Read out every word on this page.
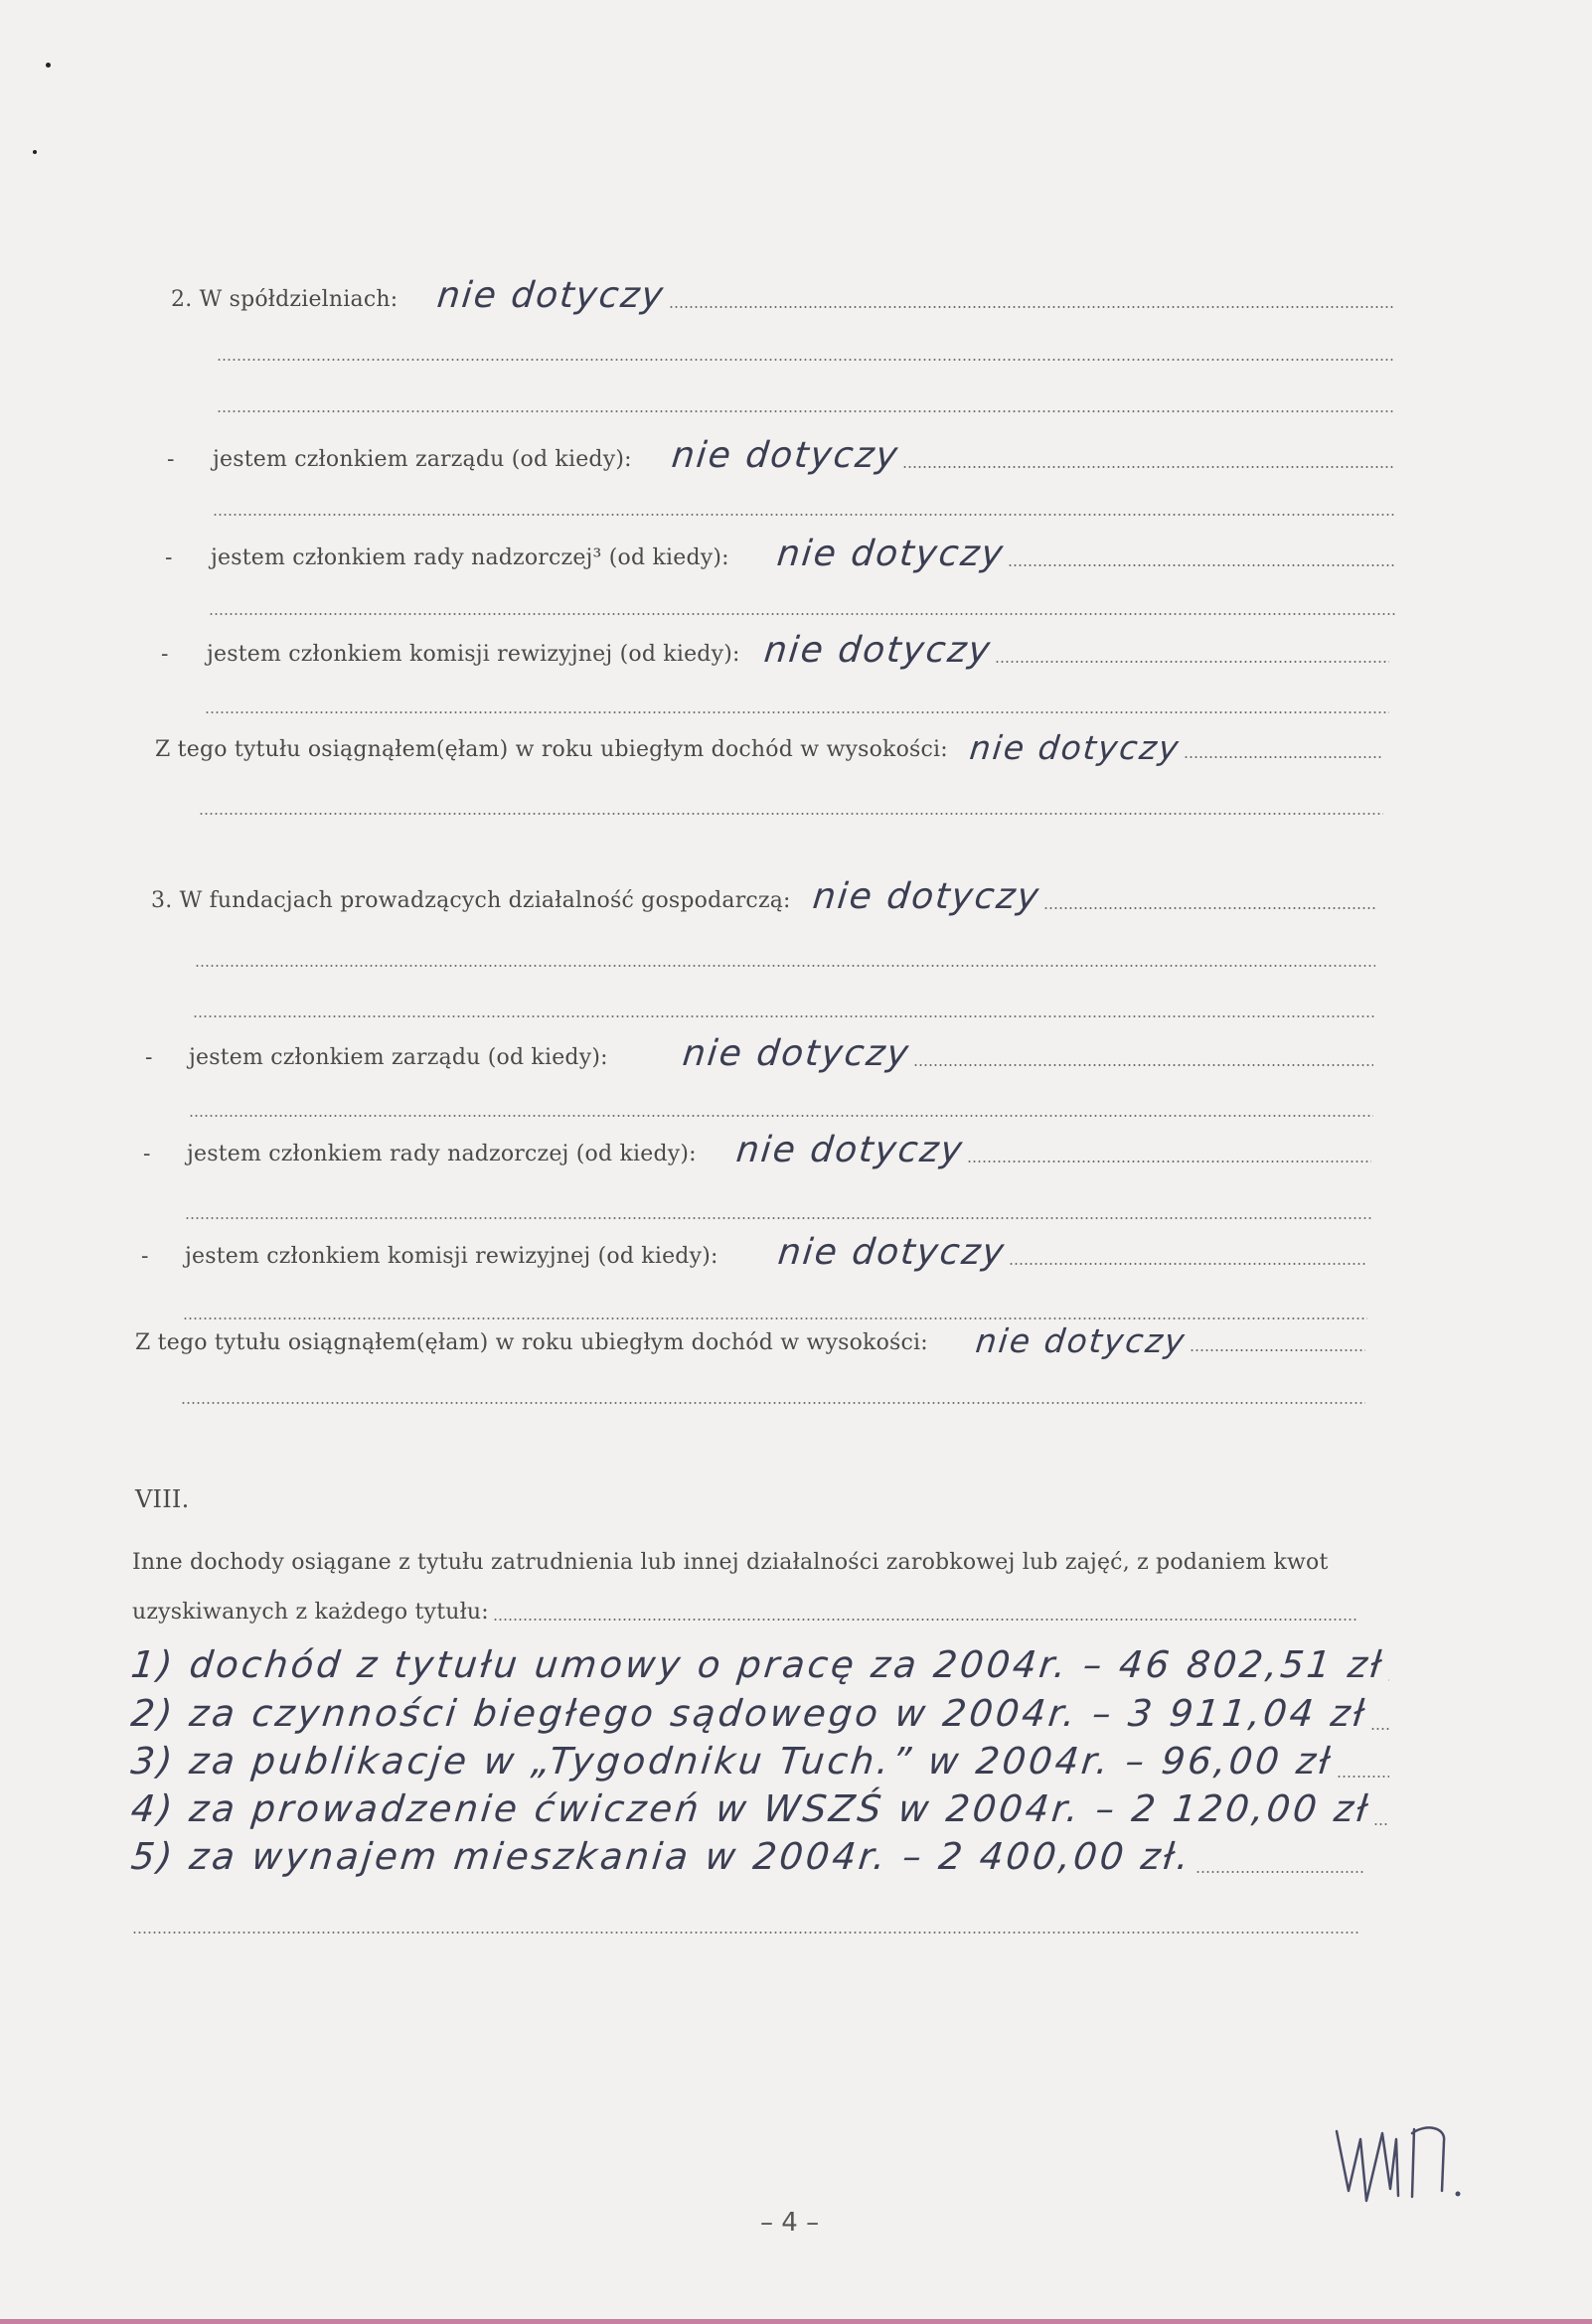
2. W spółdzielniach: nie dotyczy
-	jestem członkiem zarządu (od kiedy): nie dotyczy
-	jestem członkiem rady nadzorczej³ (od kiedy): nie dotyczy
-	jestem członkiem komisji rewizyjnej (od kiedy): nie dotyczy
Z tego tytułu osiągnąłem(ęłam) w roku ubiegłym dochód w wysokości: nie dotyczy
3. W fundacjach prowadzących działalność gospodarczą: nie dotyczy
-	jestem członkiem zarządu (od kiedy): nie dotyczy
-	jestem członkiem rady nadzorczej (od kiedy): nie dotyczy
-	jestem członkiem komisji rewizyjnej (od kiedy): nie dotyczy
Z tego tytułu osiągnąłem(ęłam) w roku ubiegłym dochód w wysokości: nie dotyczy
VIII.
Inne dochody osiągane z tytułu zatrudnienia lub innej działalności zarobkowej lub zajęć, z podaniem kwot
uzyskiwanych z każdego tytułu:
1) dochód z tytułu umowy o pracę za 2004r. – 46 802,51 zł
2) za czynności biegłego sądowego w 2004r. – 3 911,04 zł
3) za publikacje w „Tygodniku Tuch.” w 2004r. – 96,00 zł
4) za prowadzenie ćwiczeń w WSZŚ w 2004r. – 2 120,00 zł
5) za wynajem mieszkania w 2004r. – 2 400,00 zł.
– 4 –
